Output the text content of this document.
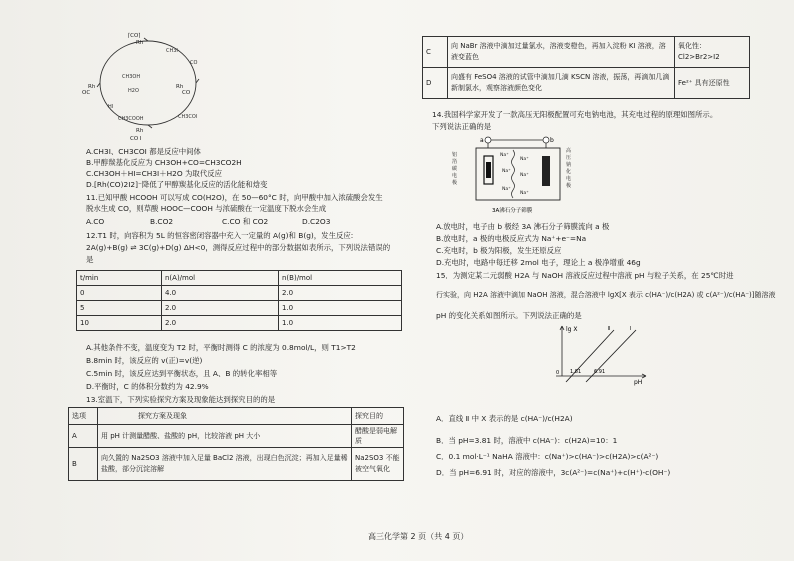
⌈CO⌉
Rh
Rh
CO
Rh
CO I
Rh
OC
CH3I
CO
CH3COI
HI
CH3OH
H2O
CH3COOH
A.CH3I、CH3COI 都是反应中间体
B.甲醇羰基化反应为 CH3OH+CO=CH3CO2H
C.CH3OH＋HI=CH3I＋H2O 为取代反应
D.[Rh(CO)2I2]⁻降低了甲醇羰基化反应的活化能和焓变
11.已知甲酸 HCOOH 可以写成 CO(H2O)，在 50—60°C 时，向甲酸中加入浓硫酸会发生
脱水生成 CO，则草酸 HOOC—COOH 与浓硫酸在一定温度下脱水会生成
A.CO	B.CO2	C.CO 和 CO2	D.C2O3
12.T1 时，向容积为 5L 的恒容密闭容器中充入一定量的 A(g)和 B(g)，发生反应:
2A(g)+B(g) ⇌ 3C(g)+D(g) ΔH<0，测得反应过程中的部分数据如表所示，下列说法错误的
是
t/min	n(A)/mol	n(B)/mol
0	4.0	2.0
5	2.0	1.0
10	2.0	1.0
A.其他条件不变，温度变为 T2 时，平衡时测得 C 的浓度为 0.8mol/L，则 T1>T2
B.8min 时，该反应的 v(正)=v(逆)
C.5min 时，该反应达到平衡状态，且 A、B 的转化率相等
D.平衡时，C 的体积分数约为 42.9%
13.室温下，下列实验探究方案及现象能达到探究目的的是
选项	探究方案及现象	探究目的
A	用 pH 计测量醋酸、盐酸的 pH，比较溶液 pH 大小	醋酸是弱电解质
B	向久置的 Na2SO3 溶液中加入足量 BaCl2 溶液，出现白色沉淀；再加入足量稀盐酸，部分沉淀溶解	Na2SO3 不能被空气氧化
C	向 NaBr 溶液中滴加过量氯水，溶液变橙色，再加入淀粉 KI 溶液，溶液变蓝色	氧化性：Cl2>Br2>I2
D	向盛有 FeSO4 溶液的试管中滴加几滴 KSCN 溶液，振荡，再滴加几滴新制氯水，观察溶液颜色变化	Fe²⁺ 具有还原性
14.我国科学家开发了一款高压无阳极配置可充电钠电池，其充电过程的原理如图所示。
下列说法正确的是
a	b
Na⁺
Na⁺
Na⁺
Na⁺
Na⁺
Na⁺
铝箔碳电极
高压钠化电极
3A沸石分子筛膜
A.放电时，电子由 b 极经 3A 沸石分子筛膜流向 a 极
B.放电时，a 极的电极反应式为 Na⁺+e⁻=Na
C.充电时，b 极为阳极，发生还原反应
D.充电时，电路中每迁移 2mol 电子，理论上 a 极净增重 46g
15．为测定某二元弱酸 H2A 与 NaOH 溶液反应过程中溶液 pH 与粒子关系，在 25℃时进
行实验，向 H2A 溶液中滴加 NaOH 溶液，混合溶液中 lgX[X 表示 c(HA⁻)/c(H2A) 或 c(A²⁻)/c(HA⁻)]随溶液
pH 的变化关系如图所示。下列说法正确的是
lg X
pH
0
Ⅱ	Ⅰ
1.81	6.91
A．直线 Ⅱ 中 X 表示的是 c(HA⁻)/c(H2A)
B．当 pH=3.81 时，溶液中 c(HA⁻)：c(H2A)=10：1
C．0.1 mol·L⁻¹ NaHA 溶液中：c(Na⁺)>c(HA⁻)>c(H2A)>c(A²⁻)
D．当 pH=6.91 时，对应的溶液中，3c(A²⁻)=c(Na⁺)+c(H⁺)-c(OH⁻)
高三化学第 2 页（共 4 页）
